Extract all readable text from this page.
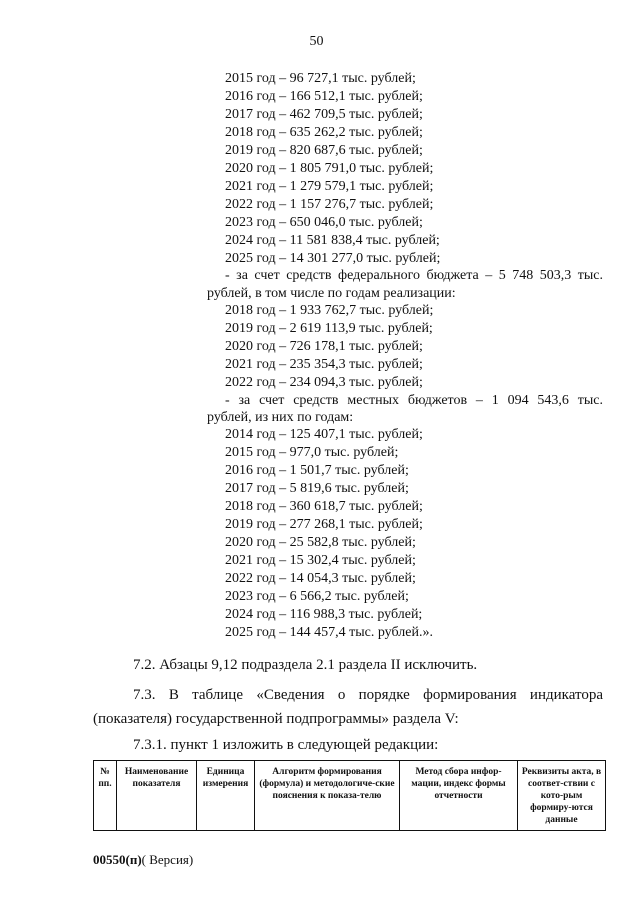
50
2015 год – 96 727,1 тыс. рублей;
2016 год – 166 512,1 тыс. рублей;
2017 год – 462 709,5 тыс. рублей;
2018 год – 635 262,2 тыс. рублей;
2019 год – 820 687,6 тыс. рублей;
2020 год – 1 805 791,0 тыс. рублей;
2021 год – 1 279 579,1 тыс. рублей;
2022 год – 1 157 276,7 тыс. рублей;
2023 год – 650 046,0 тыс. рублей;
2024 год – 11 581 838,4 тыс. рублей;
2025 год – 14 301 277,0 тыс. рублей;
- за счет средств федерального бюджета – 5 748 503,3 тыс.
рублей, в том числе по годам реализации:
2018 год – 1 933 762,7 тыс. рублей;
2019 год – 2 619 113,9 тыс. рублей;
2020 год – 726 178,1 тыс. рублей;
2021 год – 235 354,3 тыс. рублей;
2022 год – 234 094,3 тыс. рублей;
- за счет средств местных бюджетов – 1 094 543,6 тыс.
рублей, из них по годам:
2014 год – 125 407,1 тыс. рублей;
2015 год – 977,0 тыс. рублей;
2016 год – 1 501,7 тыс. рублей;
2017 год – 5 819,6 тыс. рублей;
2018 год – 360 618,7 тыс. рублей;
2019 год – 277 268,1 тыс. рублей;
2020 год – 25 582,8 тыс. рублей;
2021 год – 15 302,4 тыс. рублей;
2022 год – 14 054,3 тыс. рублей;
2023 год – 6 566,2 тыс. рублей;
2024 год – 116 988,3 тыс. рублей;
2025 год – 144 457,4 тыс. рублей.».
7.2. Абзацы 9,12 подраздела 2.1 раздела II исключить.
7.3. В таблице «Сведения о порядке формирования индикатора
(показателя) государственной подпрограммы» раздела V:
7.3.1. пункт 1 изложить в следующей редакции:
№ пп.	Наименование показателя	Единица измерения	Алгоритм формирования (формула) и методологиче-ские пояснения к показа-телю	Метод сбора инфор-мации, индекс формы отчетности	Реквизиты акта, в соответ-ствии с кото-рым формиру-ются данные
00550(п)( Версия)
